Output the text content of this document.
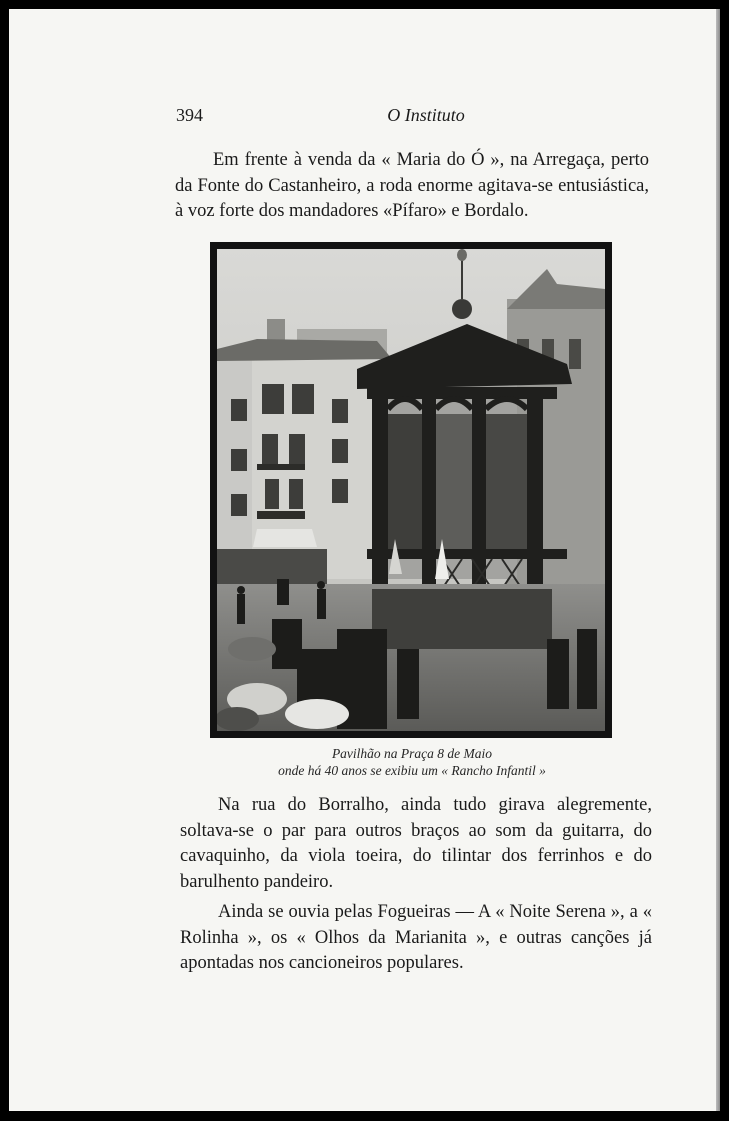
394	O Instituto

Em frente à venda da « Maria do Ó », na Arregaça, perto da Fonte do Castanheiro, a roda enorme agitava-se entusiástica, à voz forte dos mandadores «Pífaro» e Bordalo.

Pavilhão na Praça 8 de Maio
onde há 40 anos se exibiu um « Rancho Infantil »

Na rua do Borralho, ainda tudo girava alegremente, soltava-se o par para outros braços ao som da guitarra, do cavaquinho, da viola toeira, do tilintar dos ferrinhos e do barulhento pandeiro.

Ainda se ouvia pelas Fogueiras — A « Noite Serena », a « Rolinha », os « Olhos da Marianita », e outras canções já apontadas nos cancioneiros populares.
